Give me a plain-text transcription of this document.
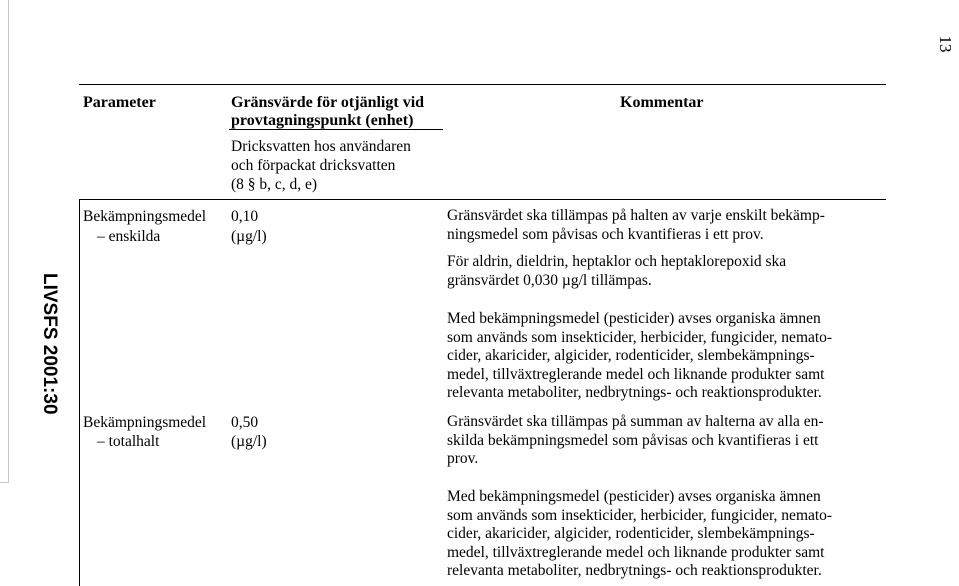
LIVSFS 2001:30
13
Parameter	Gränsvärde för otjänligt vid
provtagningspunkt (enhet)
Kommentar
Dricksvatten hos användaren
och förpackat dricksvatten
(8 § b, c, d, e)
Bekämpningsmedel
– enskilda
0,10
(µg/l)
Gränsvärdet ska tillämpas på halten av varje enskilt bekämp-
ningsmedel som påvisas och kvantifieras i ett prov.
För aldrin, dieldrin, heptaklor och heptaklorepoxid ska
gränsvärdet 0,030 µg/l tillämpas.
Med bekämpningsmedel (pesticider) avses organiska ämnen
som används som insekticider, herbicider, fungicider, nemato-
cider, akaricider, algicider, rodenticider, slembekämpnings-
medel, tillväxtreglerande medel och liknande produkter samt
relevanta metaboliter, nedbrytnings- och reaktionsprodukter.
Bekämpningsmedel
– totalhalt
0,50
(µg/l)
Gränsvärdet ska tillämpas på summan av halterna av alla en-
skilda bekämpningsmedel som påvisas och kvantifieras i ett
prov.
Med bekämpningsmedel (pesticider) avses organiska ämnen
som används som insekticider, herbicider, fungicider, nemato-
cider, akaricider, algicider, rodenticider, slembekämpnings-
medel, tillväxtreglerande medel och liknande produkter samt
relevanta metaboliter, nedbrytnings- och reaktionsprodukter.
